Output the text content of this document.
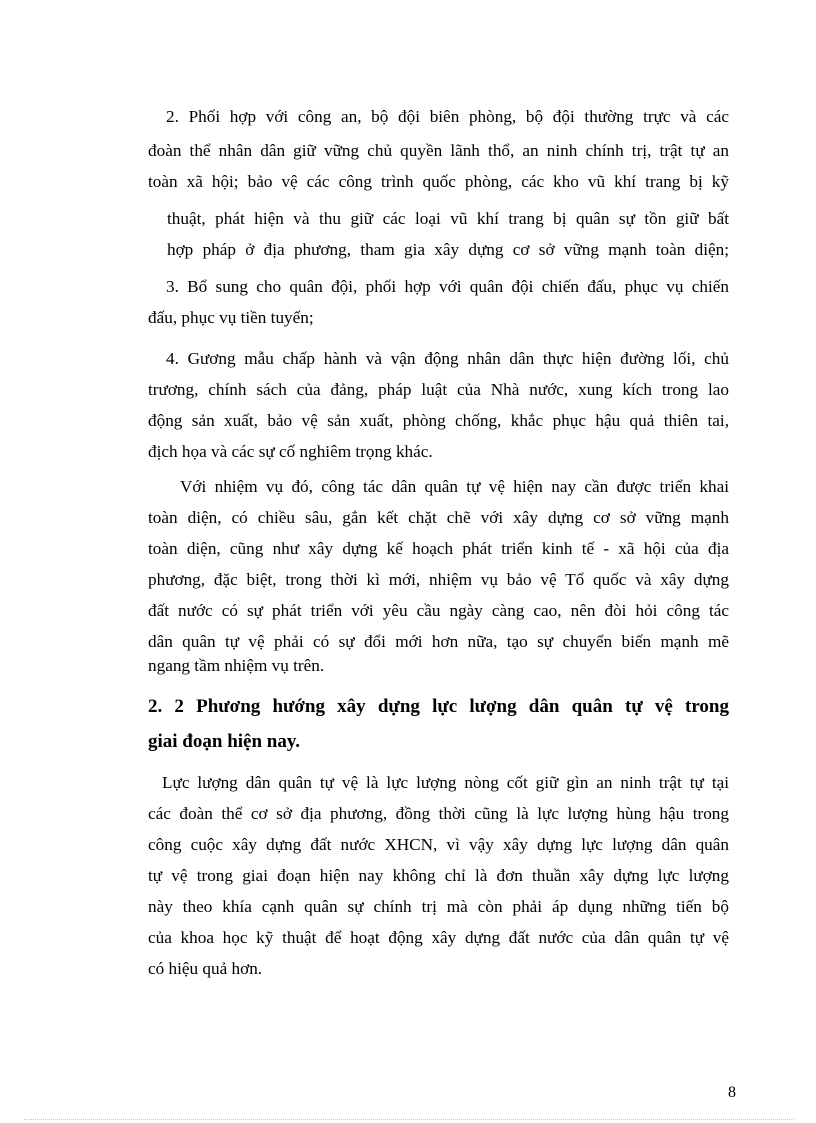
2. Phối hợp với công an, bộ đội biên phòng, bộ đội thường trực và các
đoàn thể nhân dân giữ vững chủ quyền lãnh thổ, an ninh chính trị, trật tự an
toàn xã hội; bảo vệ các công trình quốc phòng, các kho vũ khí trang bị kỹ
thuật, phát hiện và thu giữ các loại vũ khí trang bị quân sự tồn giữ bất
hợp pháp ở địa phương, tham gia xây dựng cơ sở vững mạnh toàn diện;
3. Bổ sung cho quân đội, phối hợp với quân đội chiến đấu, phục vụ chiến
đấu, phục vụ tiền tuyến;
4. Gương mẫu chấp hành và vận động nhân dân thực hiện đường lối, chủ
trương, chính sách của đảng, pháp luật của Nhà nước, xung kích trong lao
động sản xuất, bảo vệ sản xuất, phòng chống, khắc phục hậu quả thiên tai,
địch họa và các sự cố nghiêm trọng khác.
Với nhiệm vụ đó, công tác dân quân tự vệ hiện nay cần được triển khai
toàn diện, có chiều sâu, gắn kết chặt chẽ với xây dựng cơ sở vững mạnh
toàn diện, cũng như xây dựng kế hoạch phát triển kinh tế - xã hội của địa
phương, đặc biệt, trong thời kì mới, nhiệm vụ bảo vệ Tổ quốc và xây dựng
đất nước có sự phát triển với yêu cầu ngày càng cao, nên đòi hỏi công tác
dân quân tự vệ phải có sự đổi mới hơn nữa, tạo sự chuyển biến mạnh mẽ
ngang tầm nhiệm vụ trên.
2. 2 Phương hướng xây dựng lực lượng dân quân tự vệ trong
giai đoạn hiện nay.
Lực lượng dân quân tự vệ là lực lượng nòng cốt giữ gìn an ninh trật tự tại
các đoàn thể cơ sở địa phương, đồng thời cũng là lực lượng hùng hậu trong
công cuộc xây dựng đất nước XHCN, vì vậy xây dựng lực lượng dân quân
tự vệ trong giai đoạn hiện nay không chỉ là đơn thuần xây dựng lực lượng
này theo khía cạnh quân sự chính trị mà còn phải áp dụng những tiến bộ
của khoa học kỹ thuật để hoạt động xây dựng đất nước của dân quân tự vệ
có hiệu quả hơn.
8
